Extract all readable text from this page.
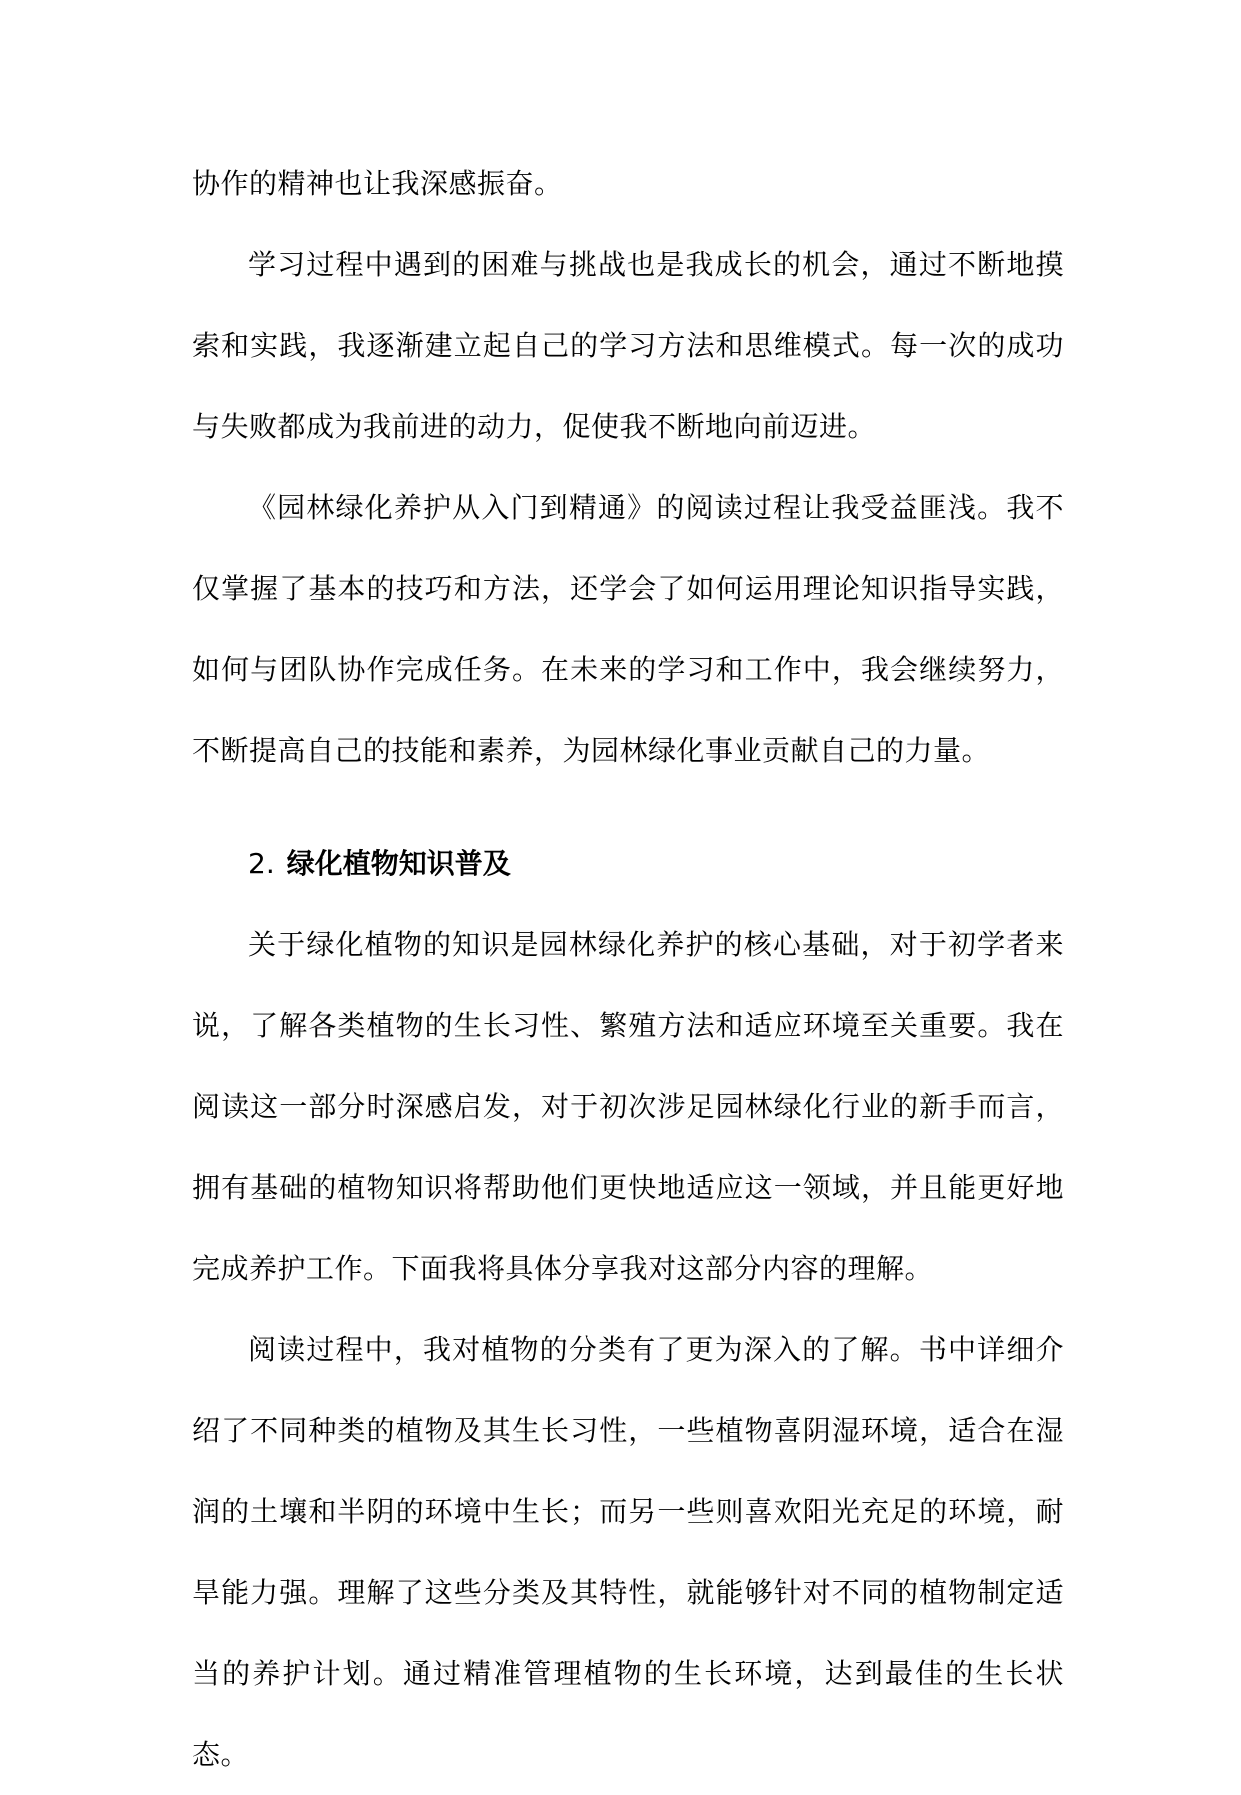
协作的精神也让我深感振奋。

学习过程中遇到的困难与挑战也是我成长的机会，通过不断地摸索和实践，我逐渐建立起自己的学习方法和思维模式。每一次的成功与失败都成为我前进的动力，促使我不断地向前迈进。

《园林绿化养护从入门到精通》的阅读过程让我受益匪浅。我不仅掌握了基本的技巧和方法，还学会了如何运用理论知识指导实践，如何与团队协作完成任务。在未来的学习和工作中，我会继续努力，不断提高自己的技能和素养，为园林绿化事业贡献自己的力量。

2. 绿化植物知识普及

关于绿化植物的知识是园林绿化养护的核心基础，对于初学者来说，了解各类植物的生长习性、繁殖方法和适应环境至关重要。我在阅读这一部分时深感启发，对于初次涉足园林绿化行业的新手而言，拥有基础的植物知识将帮助他们更快地适应这一领域，并且能更好地完成养护工作。下面我将具体分享我对这部分内容的理解。

阅读过程中，我对植物的分类有了更为深入的了解。书中详细介绍了不同种类的植物及其生长习性，一些植物喜阴湿环境，适合在湿润的土壤和半阴的环境中生长；而另一些则喜欢阳光充足的环境，耐旱能力强。理解了这些分类及其特性，就能够针对不同的植物制定适当的养护计划。通过精准管理植物的生长环境，达到最佳的生长状态。
